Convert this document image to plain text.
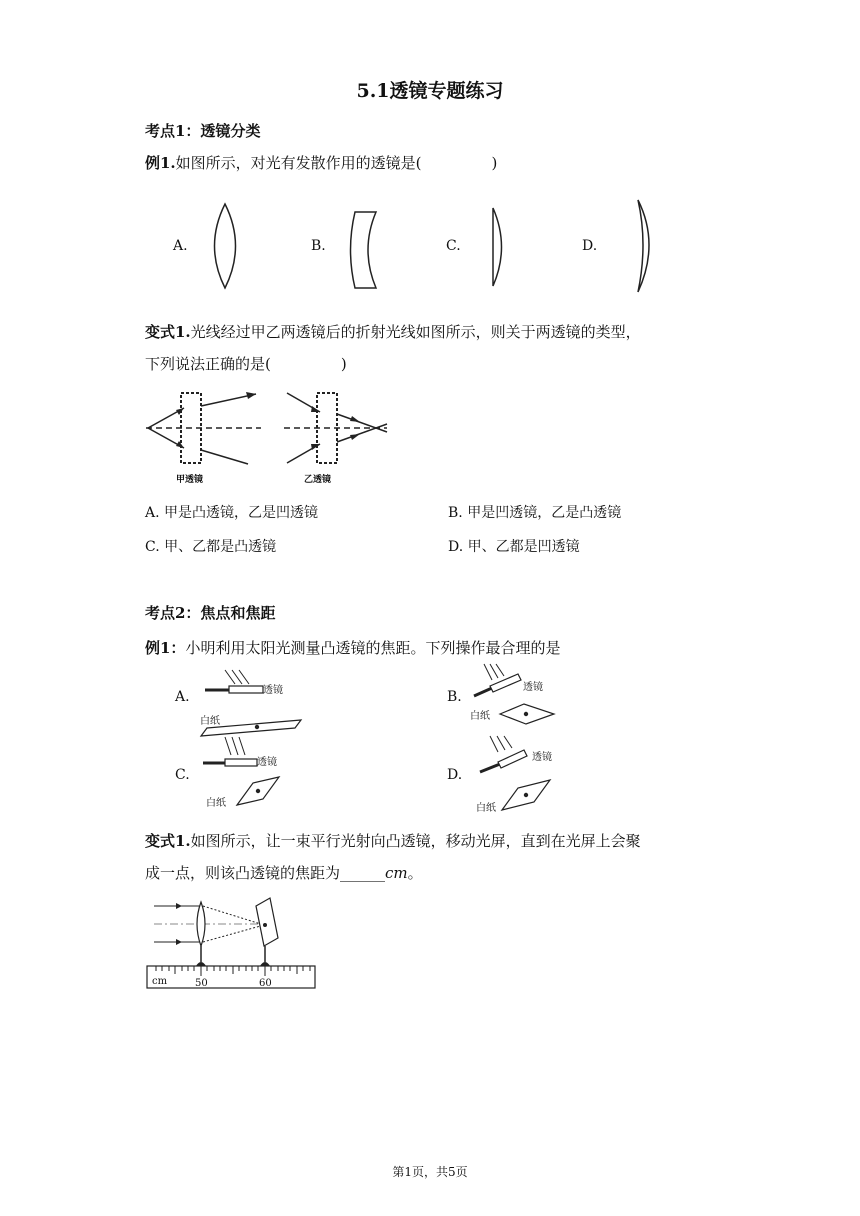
5.1透镜专题练习
考点1：透镜分类
例1.如图所示，对光有发散作用的透镜是(	)
A.	B.	C.	D.
变式1.光线经过甲乙两透镜后的折射光线如图所示，则关于两透镜的类型，
下列说法正确的是(	)
甲透镜	乙透镜
A. 甲是凸透镜，乙是凹透镜	B. 甲是凹透镜，乙是凸透镜
C. 甲、乙都是凸透镜	D. 甲、乙都是凹透镜
考点2：焦点和焦距
例1：小明利用太阳光测量凸透镜的焦距。下列操作最合理的是
A.	透镜
白纸
B.
透镜
白纸
C.
透镜
白纸
D.
透镜
白纸
变式1.如图所示，让一束平行光射向凸透镜，移动光屏，直到在光屏上会聚
成一点，则该凸透镜的焦距为______cm。
cm	50	60
第1页，共5页
